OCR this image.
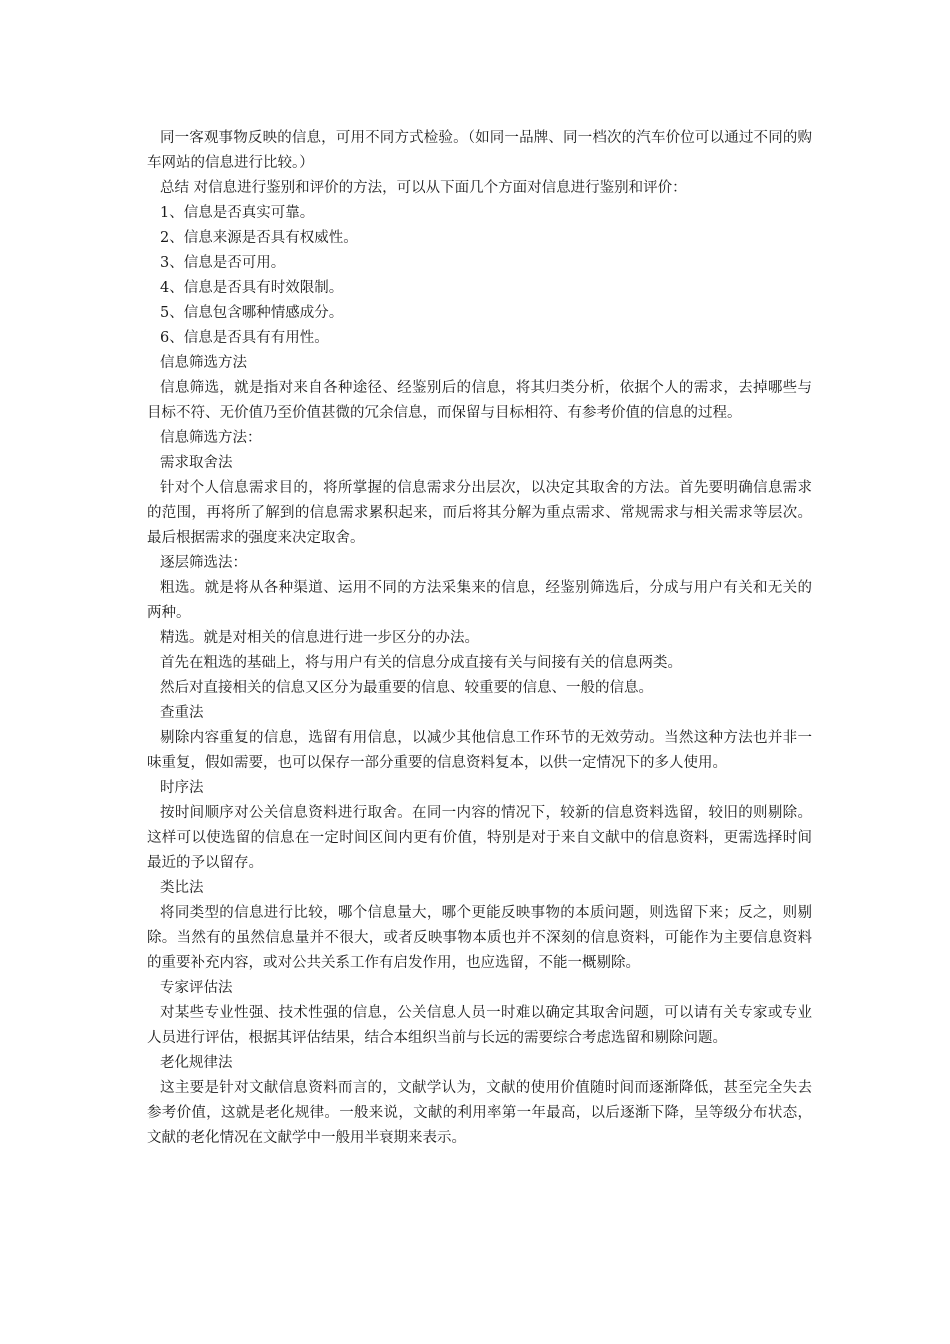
同一客观事物反映的信息，可用不同方式检验。（如同一品牌、同一档次的汽车价位可以通过不同的购车网站的信息进行比较。）

总结 对信息进行鉴别和评价的方法，可以从下面几个方面对信息进行鉴别和评价：

1、信息是否真实可靠。

2、信息来源是否具有权威性。

3、信息是否可用。

4、信息是否具有时效限制。

5、信息包含哪种情感成分。

6、信息是否具有有用性。

信息筛选方法

信息筛选，就是指对来自各种途径、经鉴别后的信息，将其归类分析，依据个人的需求，去掉哪些与目标不符、无价值乃至价值甚微的冗余信息，而保留与目标相符、有参考价值的信息的过程。

信息筛选方法：

需求取舍法

针对个人信息需求目的，将所掌握的信息需求分出层次，以决定其取舍的方法。首先要明确信息需求的范围，再将所了解到的信息需求累积起来，而后将其分解为重点需求、常规需求与相关需求等层次。最后根据需求的强度来决定取舍。

逐层筛选法：

粗选。就是将从各种渠道、运用不同的方法采集来的信息，经鉴别筛选后，分成与用户有关和无关的两种。

精选。就是对相关的信息进行进一步区分的办法。

首先在粗选的基础上，将与用户有关的信息分成直接有关与间接有关的信息两类。

然后对直接相关的信息又区分为最重要的信息、较重要的信息、一般的信息。

查重法

剔除内容重复的信息，选留有用信息，以减少其他信息工作环节的无效劳动。当然这种方法也并非一味重复，假如需要，也可以保存一部分重要的信息资料复本，以供一定情况下的多人使用。

时序法

按时间顺序对公关信息资料进行取舍。在同一内容的情况下，较新的信息资料选留，较旧的则剔除。这样可以使选留的信息在一定时间区间内更有价值，特别是对于来自文献中的信息资料，更需选择时间最近的予以留存。

类比法

将同类型的信息进行比较，哪个信息量大，哪个更能反映事物的本质问题，则选留下来；反之，则剔除。当然有的虽然信息量并不很大，或者反映事物本质也并不深刻的信息资料，可能作为主要信息资料的重要补充内容，或对公共关系工作有启发作用，也应选留，不能一概剔除。

专家评估法

对某些专业性强、技术性强的信息，公关信息人员一时难以确定其取舍问题，可以请有关专家或专业人员进行评估，根据其评估结果，结合本组织当前与长远的需要综合考虑选留和剔除问题。

老化规律法

这主要是针对文献信息资料而言的，文献学认为，文献的使用价值随时间而逐渐降低，甚至完全失去参考价值，这就是老化规律。一般来说，文献的利用率第一年最高，以后逐渐下降，呈等级分布状态，文献的老化情况在文献学中一般用半衰期来表示。
